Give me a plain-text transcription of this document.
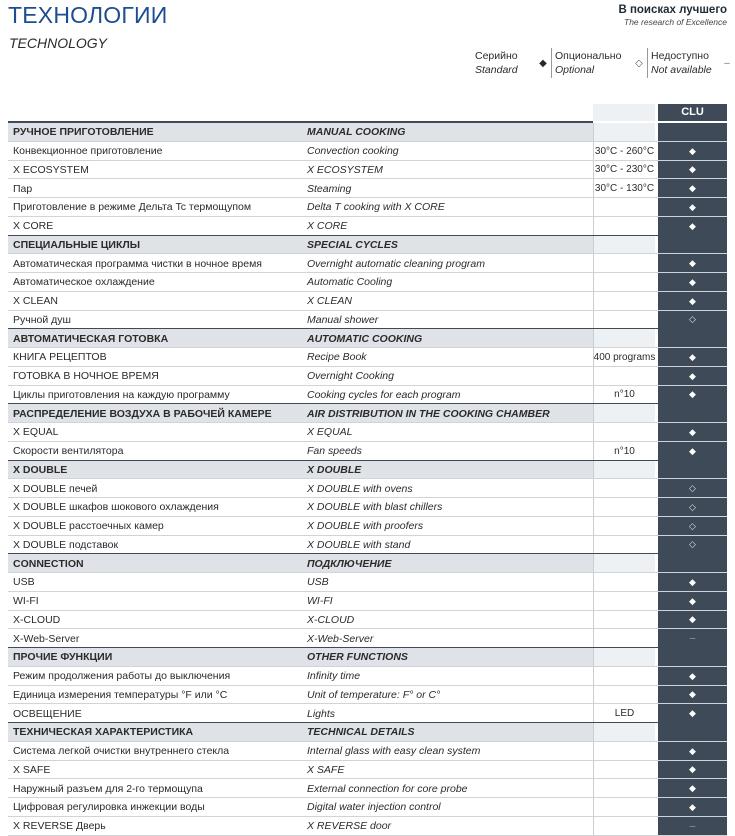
ТЕХНОЛОГИИ
TECHNOLOGY
В поисках лучшего
The research of Excellence
Серийно
Standard
◆
Опционально
Optional
◇
Недоступно
Not available
–
CLU
РУЧНОЕ ПРИГОТОВЛЕНИЕ	MANUAL COOKING
Конвекционное приготовление	Convection cooking	30°C - 260°C	◆
X ECOSYSTEM	X ECOSYSTEM	30°C - 230°C	◆
Пар	Steaming	30°C - 130°C	◆
Приготовление в режиме Дельта Tc термощупом	Delta T cooking with X CORE	◆
X CORE	X CORE	◆
СПЕЦИАЛЬНЫЕ ЦИКЛЫ	SPECIAL CYCLES
Автоматическая программа чистки в ночное время	Overnight automatic cleaning program	◆
Автоматическое охлаждение	Automatic Cooling	◆
X CLEAN	X CLEAN	◆
Ручной душ	Manual shower	◇
АВТОМАТИЧЕСКАЯ ГОТОВКА	AUTOMATIC COOKING
КНИГА РЕЦЕПТОВ	Recipe Book	400 programs	◆
ГОТОВКА В НОЧНОЕ ВРЕМЯ	Overnight Cooking	◆
Циклы приготовления на каждую программу	Cooking cycles for each program	n°10	◆
РАСПРЕДЕЛЕНИЕ ВОЗДУХА В РАБОЧЕЙ КАМЕРЕ	AIR DISTRIBUTION IN THE COOKING CHAMBER
X EQUAL	X EQUAL	◆
Скорости вентилятора	Fan speeds	n°10	◆
X DOUBLE	X DOUBLE
X DOUBLE печей	X DOUBLE with ovens	◇
X DOUBLE шкафов шокового охлаждения	X DOUBLE with blast chillers	◇
X DOUBLE расстоечных камер	X DOUBLE with proofers	◇
X DOUBLE подставок	X DOUBLE with stand	◇
CONNECTION	ПОДКЛЮЧЕНИЕ
USB	USB	◆
WI-FI	WI-FI	◆
X-CLOUD	X-CLOUD	◆
X-Web-Server	X-Web-Server	–
ПРОЧИЕ ФУНКЦИИ	OTHER FUNCTIONS
Режим продолжения работы до выключения	Infinity time	◆
Единица измерения температуры °F или °С	Unit of temperature: F° or C°	◆
ОСВЕЩЕНИЕ	Lights	LED	◆
ТЕХНИЧЕСКАЯ ХАРАКТЕРИСТИКА	TECHNICAL DETAILS
Система легкой очистки внутреннего стекла	Internal glass with easy clean system	◆
X SAFE	X SAFE	◆
Наружный разъем для 2-го термощупа	External connection for core probe	◆
Цифровая регулировка инжекции воды	Digital water injection control	◆
X REVERSE Дверь	X REVERSE door	–
